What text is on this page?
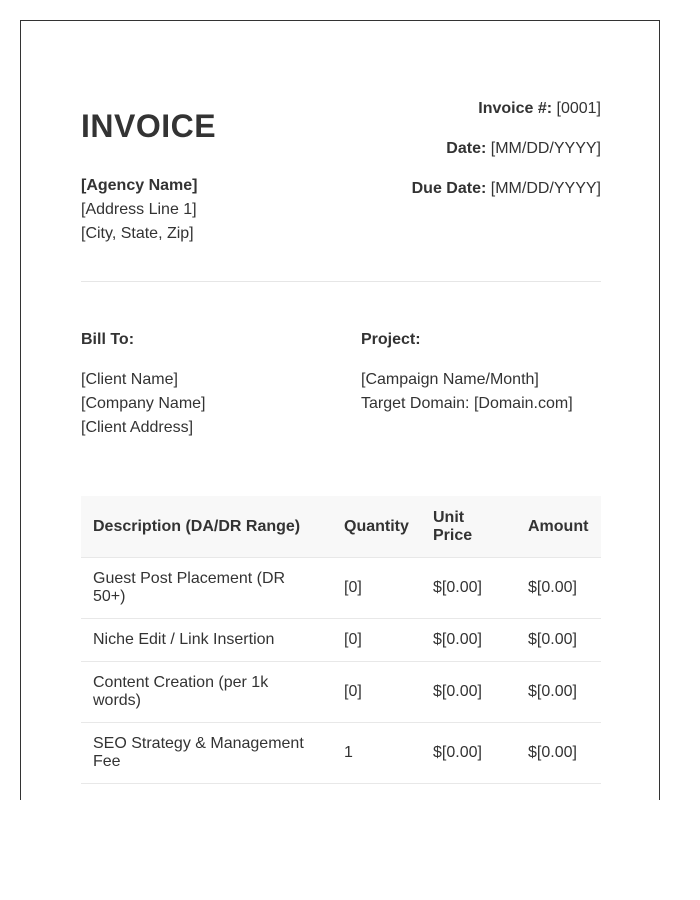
INVOICE
[Agency Name]
[Address Line 1]
[City, State, Zip]
Invoice #: [0001]
Date: [MM/DD/YYYY]
Due Date: [MM/DD/YYYY]
Bill To:
[Client Name]
[Company Name]
[Client Address]
Project:
[Campaign Name/Month]
Target Domain: [Domain.com]
Description (DA/DR Range)	Quantity	Unit Price	Amount
Guest Post Placement (DR 50+)	[0]	$[0.00]	$[0.00]
Niche Edit / Link Insertion	[0]	$[0.00]	$[0.00]
Content Creation (per 1k words)	[0]	$[0.00]	$[0.00]
SEO Strategy & Management Fee	1	$[0.00]	$[0.00]
